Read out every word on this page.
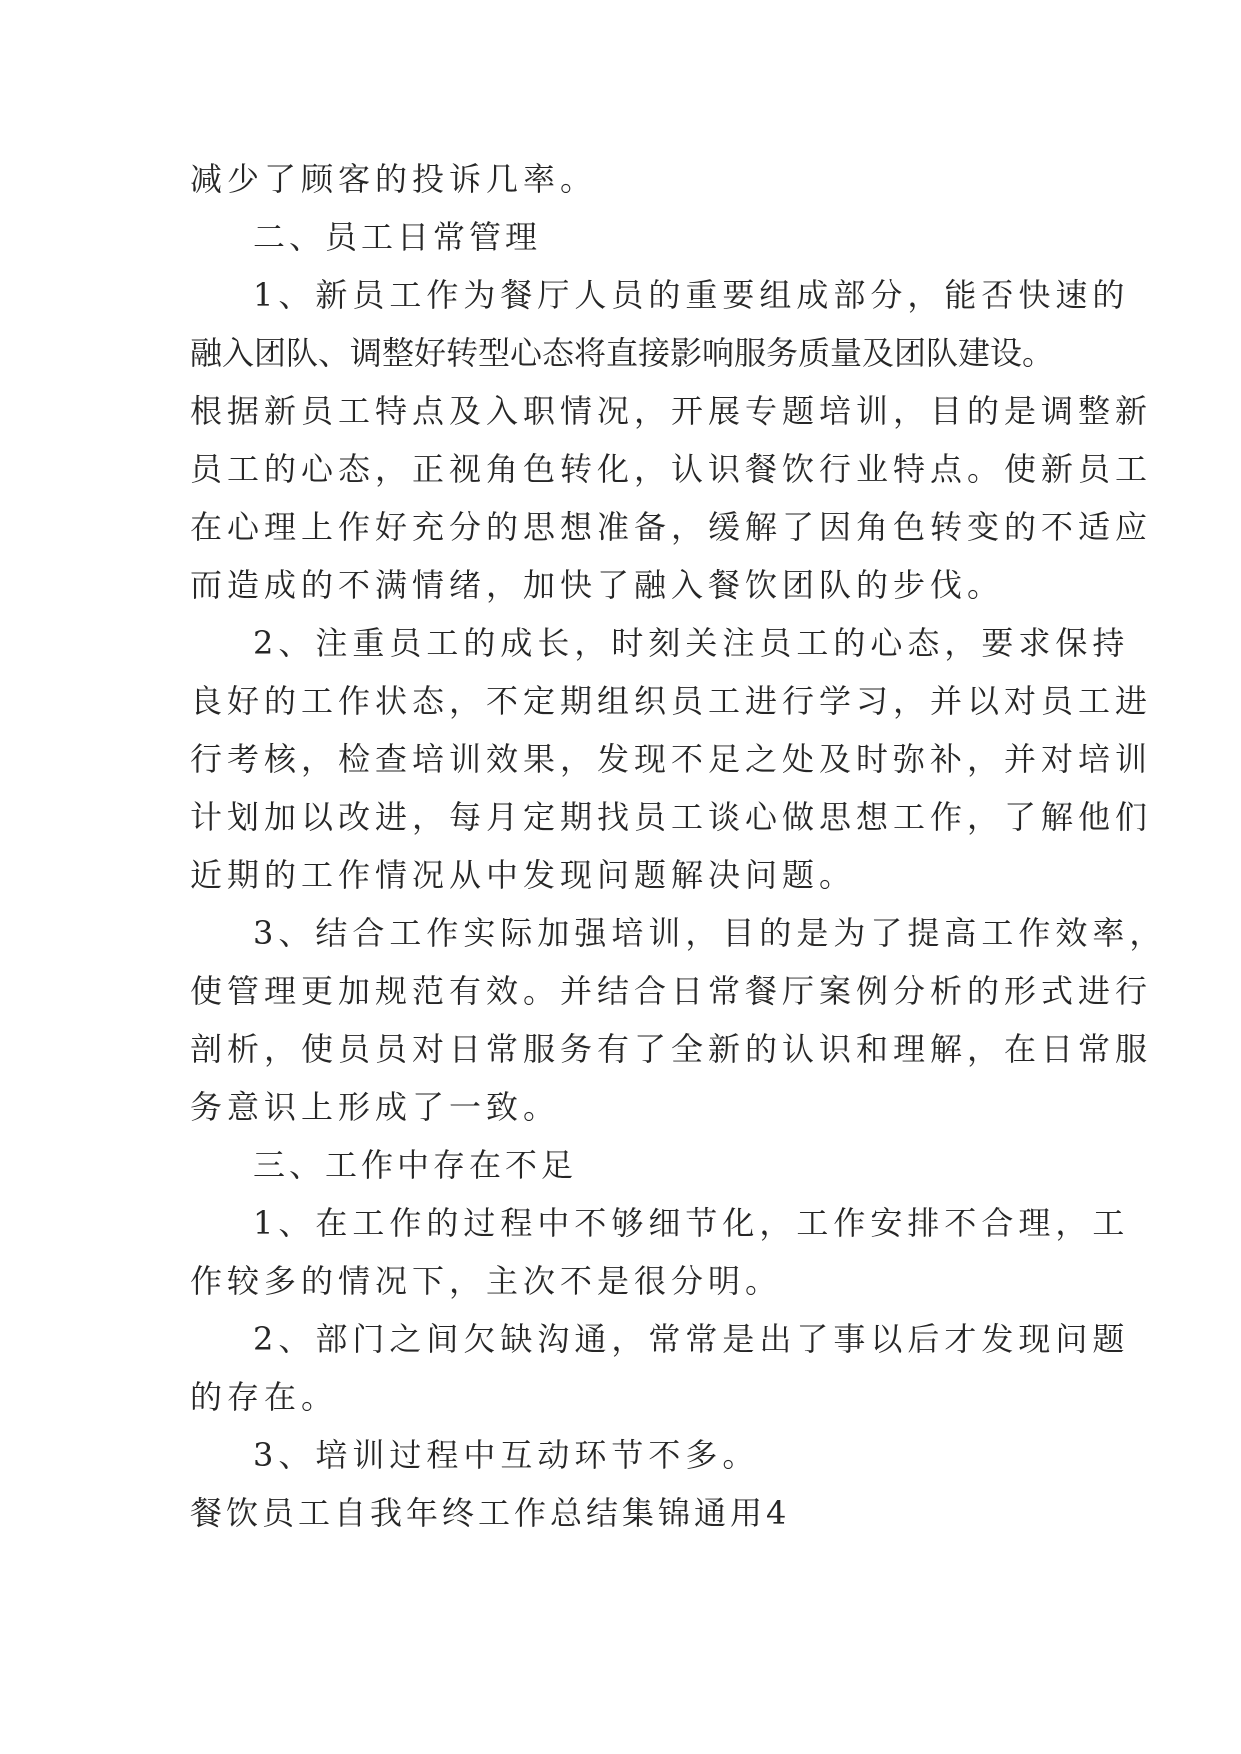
减少了顾客的投诉几率。
二、员工日常管理
1、新员工作为餐厅人员的重要组成部分，能否快速的
融入团队、调整好转型心态将直接影响服务质量及团队建设。
根据新员工特点及入职情况，开展专题培训，目的是调整新
员工的心态，正视角色转化，认识餐饮行业特点。使新员工
在心理上作好充分的思想准备，缓解了因角色转变的不适应
而造成的不满情绪，加快了融入餐饮团队的步伐。
2、注重员工的成长，时刻关注员工的心态，要求保持
良好的工作状态，不定期组织员工进行学习，并以对员工进
行考核，检查培训效果，发现不足之处及时弥补，并对培训
计划加以改进，每月定期找员工谈心做思想工作，了解他们
近期的工作情况从中发现问题解决问题。
3、结合工作实际加强培训，目的是为了提高工作效率，
使管理更加规范有效。并结合日常餐厅案例分析的形式进行
剖析，使员员对日常服务有了全新的认识和理解，在日常服
务意识上形成了一致。
三、工作中存在不足
1、在工作的过程中不够细节化，工作安排不合理，工
作较多的情况下，主次不是很分明。
2、部门之间欠缺沟通，常常是出了事以后才发现问题
的存在。
3、培训过程中互动环节不多。
餐饮员工自我年终工作总结集锦通用4
